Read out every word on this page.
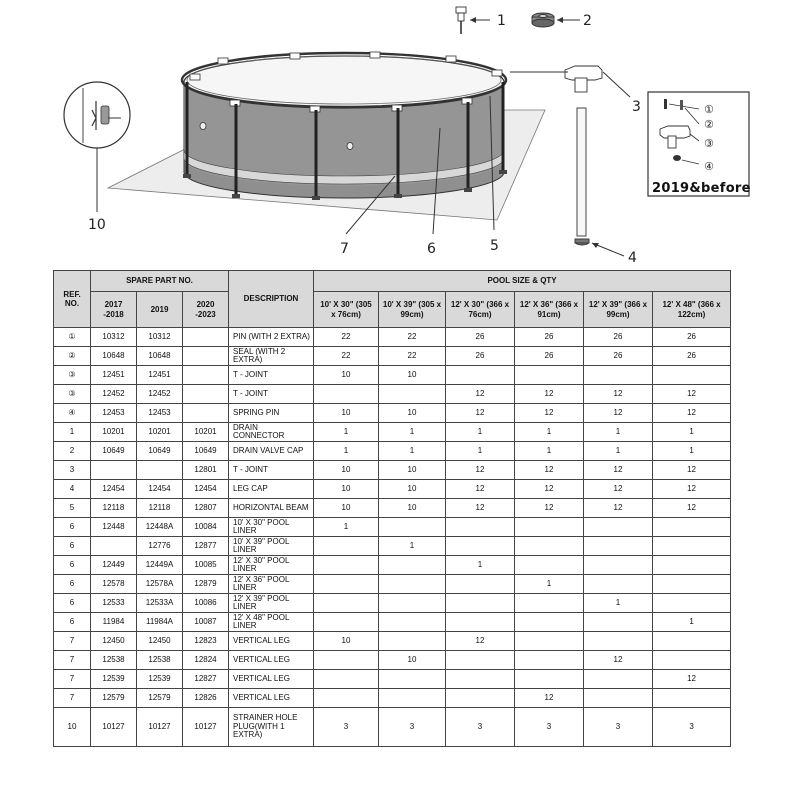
1	2
3
4
5
6
7
10
①
②
③
④
2019&before
REF. NO.	SPARE PART NO.			DESCRIPTION	POOL SIZE & QTY					
	2017 -2018	2019	2020 -2023		10' X 30" (305 x 76cm)	10' X 39" (305 x 99cm)	12' X 30" (366 x 76cm)	12' X 36" (366 x 91cm)	12' X 39" (366 x 99cm)	12' X 48" (366 x 122cm)
①	10312	10312		PIN (WITH 2 EXTRA)	22	22	26	26	26	26
②	10648	10648		SEAL (WITH 2 EXTRA)	22	22	26	26	26	26
③	12451	12451		T - JOINT	10	10				
③	12452	12452		T - JOINT			12	12	12	12
④	12453	12453		SPRING PIN	10	10	12	12	12	12
1	10201	10201	10201	DRAIN CONNECTOR	1	1	1	1	1	1
2	10649	10649	10649	DRAIN VALVE CAP	1	1	1	1	1	1
3			12801	T - JOINT	10	10	12	12	12	12
4	12454	12454	12454	LEG CAP	10	10	12	12	12	12
5	12118	12118	12807	HORIZONTAL BEAM	10	10	12	12	12	12
6	12448	12448A	10084	10' X 30" POOL LINER	1					
6		12776	12877	10' X 39" POOL LINER		1				
6	12449	12449A	10085	12' X 30" POOL LINER			1			
6	12578	12578A	12879	12' X 36" POOL LINER				1		
6	12533	12533A	10086	12' X 39" POOL LINER					1	
6	11984	11984A	10087	12' X 48" POOL LINER						1
7	12450	12450	12823	VERTICAL LEG	10		12			
7	12538	12538	12824	VERTICAL LEG		10			12	
7	12539	12539	12827	VERTICAL LEG						12
7	12579	12579	12826	VERTICAL LEG				12		
10	10127	10127	10127	STRAINER HOLE PLUG(WITH 1 EXTRA)	3	3	3	3	3	3
